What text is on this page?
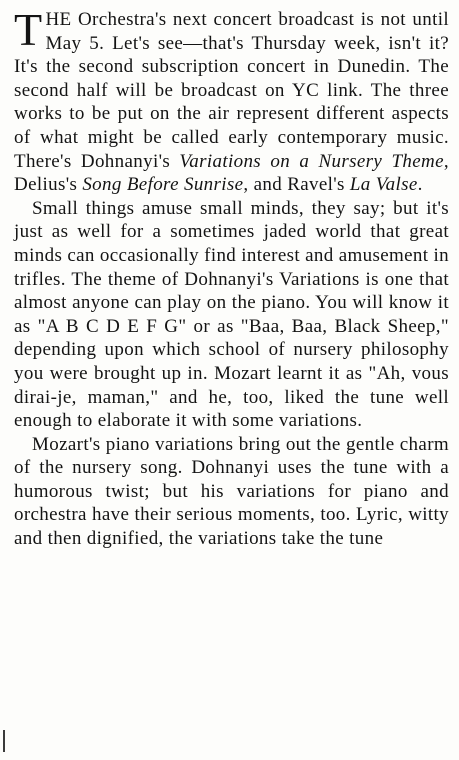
THE Orchestra's next concert broadcast is not until May 5. Let's see—that's Thursday week, isn't it? It's the second subscription concert in Dunedin. The second half will be broadcast on YC link. The three works to be put on the air represent different aspects of what might be called early contemporary music. There's Dohnanyi's Variations on a Nursery Theme, Delius's Song Before Sunrise, and Ravel's La Valse.

Small things amuse small minds, they say; but it's just as well for a sometimes jaded world that great minds can occasionally find interest and amusement in trifles. The theme of Dohnanyi's Variations is one that almost anyone can play on the piano. You will know it as "A B C D E F G" or as "Baa, Baa, Black Sheep," depending upon which school of nursery philosophy you were brought up in. Mozart learnt it as "Ah, vous dirai-je, maman," and he, too, liked the tune well enough to elaborate it with some variations.

Mozart's piano variations bring out the gentle charm of the nursery song. Dohnanyi uses the tune with a humorous twist; but his variations for piano and orchestra have their serious moments, too. Lyric, witty and then dignified, the variations take the tune
